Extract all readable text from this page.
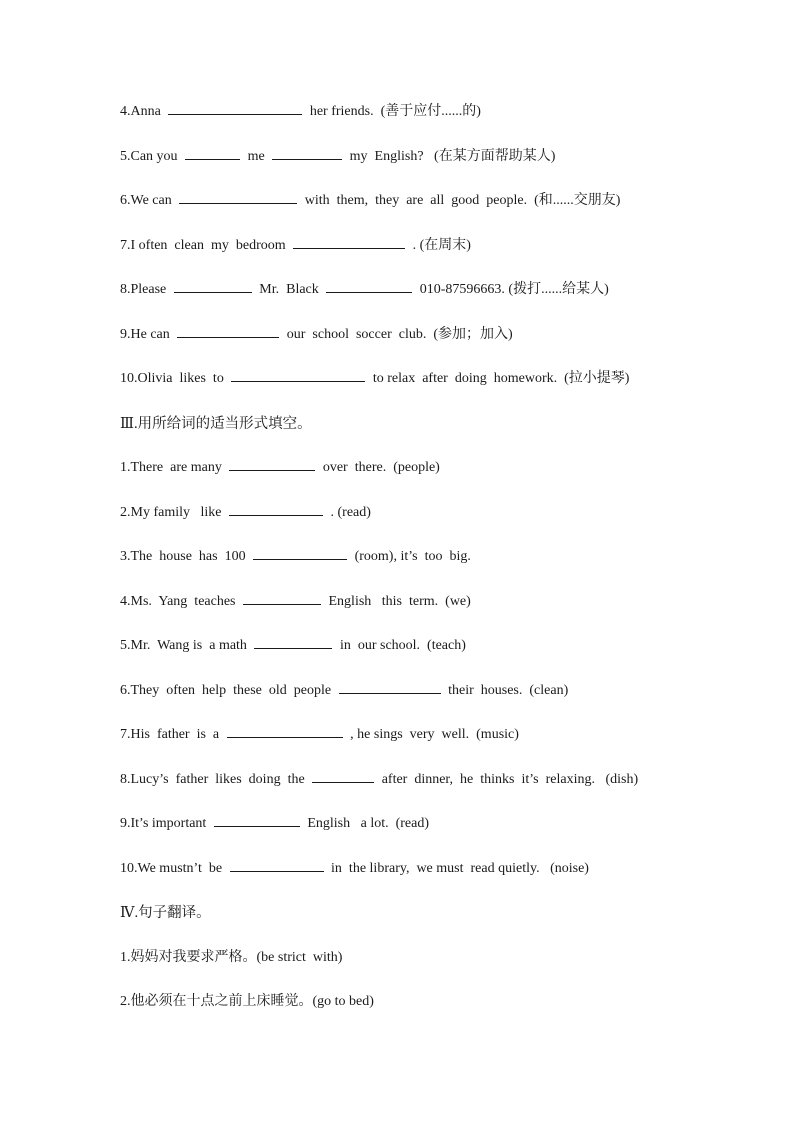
4.Anna	her friends.  (善于应付......的)
5.Can you	me	my  English?   (在某方面帮助某人)
6.We can	with  them,  they  are  all  good  people.  (和......交朋友)
7.I often  clean  my  bedroom	. (在周末)
8.Please	Mr.  Black	010-87596663. (拨打......给某人)
9.He can	our  school  soccer  club.  (参加；加入)
10.Olivia  likes  to	to relax  after  doing  homework.  (拉小提琴)
Ⅲ.用所给词的适当形式填空。
1.There  are many	over  there.  (people)
2.My family   like	. (read)
3.The  house  has  100	(room), it’s  too  big.
4.Ms.  Yang  teaches	English   this  term.  (we)
5.Mr.  Wang is  a math	in  our school.  (teach)
6.They  often  help  these  old  people	their  houses.  (clean)
7.His  father  is  a	, he sings  very  well.  (music)
8.Lucy’s  father  likes  doing  the	after  dinner,  he  thinks  it’s  relaxing.   (dish)
9.It’s important	English   a lot.  (read)
10.We mustn’t  be	in  the library,  we must  read quietly.   (noise)
Ⅳ.句子翻译。
1.妈妈对我要求严格。(be strict  with)
2.他必须在十点之前上床睡觉。(go to bed)
